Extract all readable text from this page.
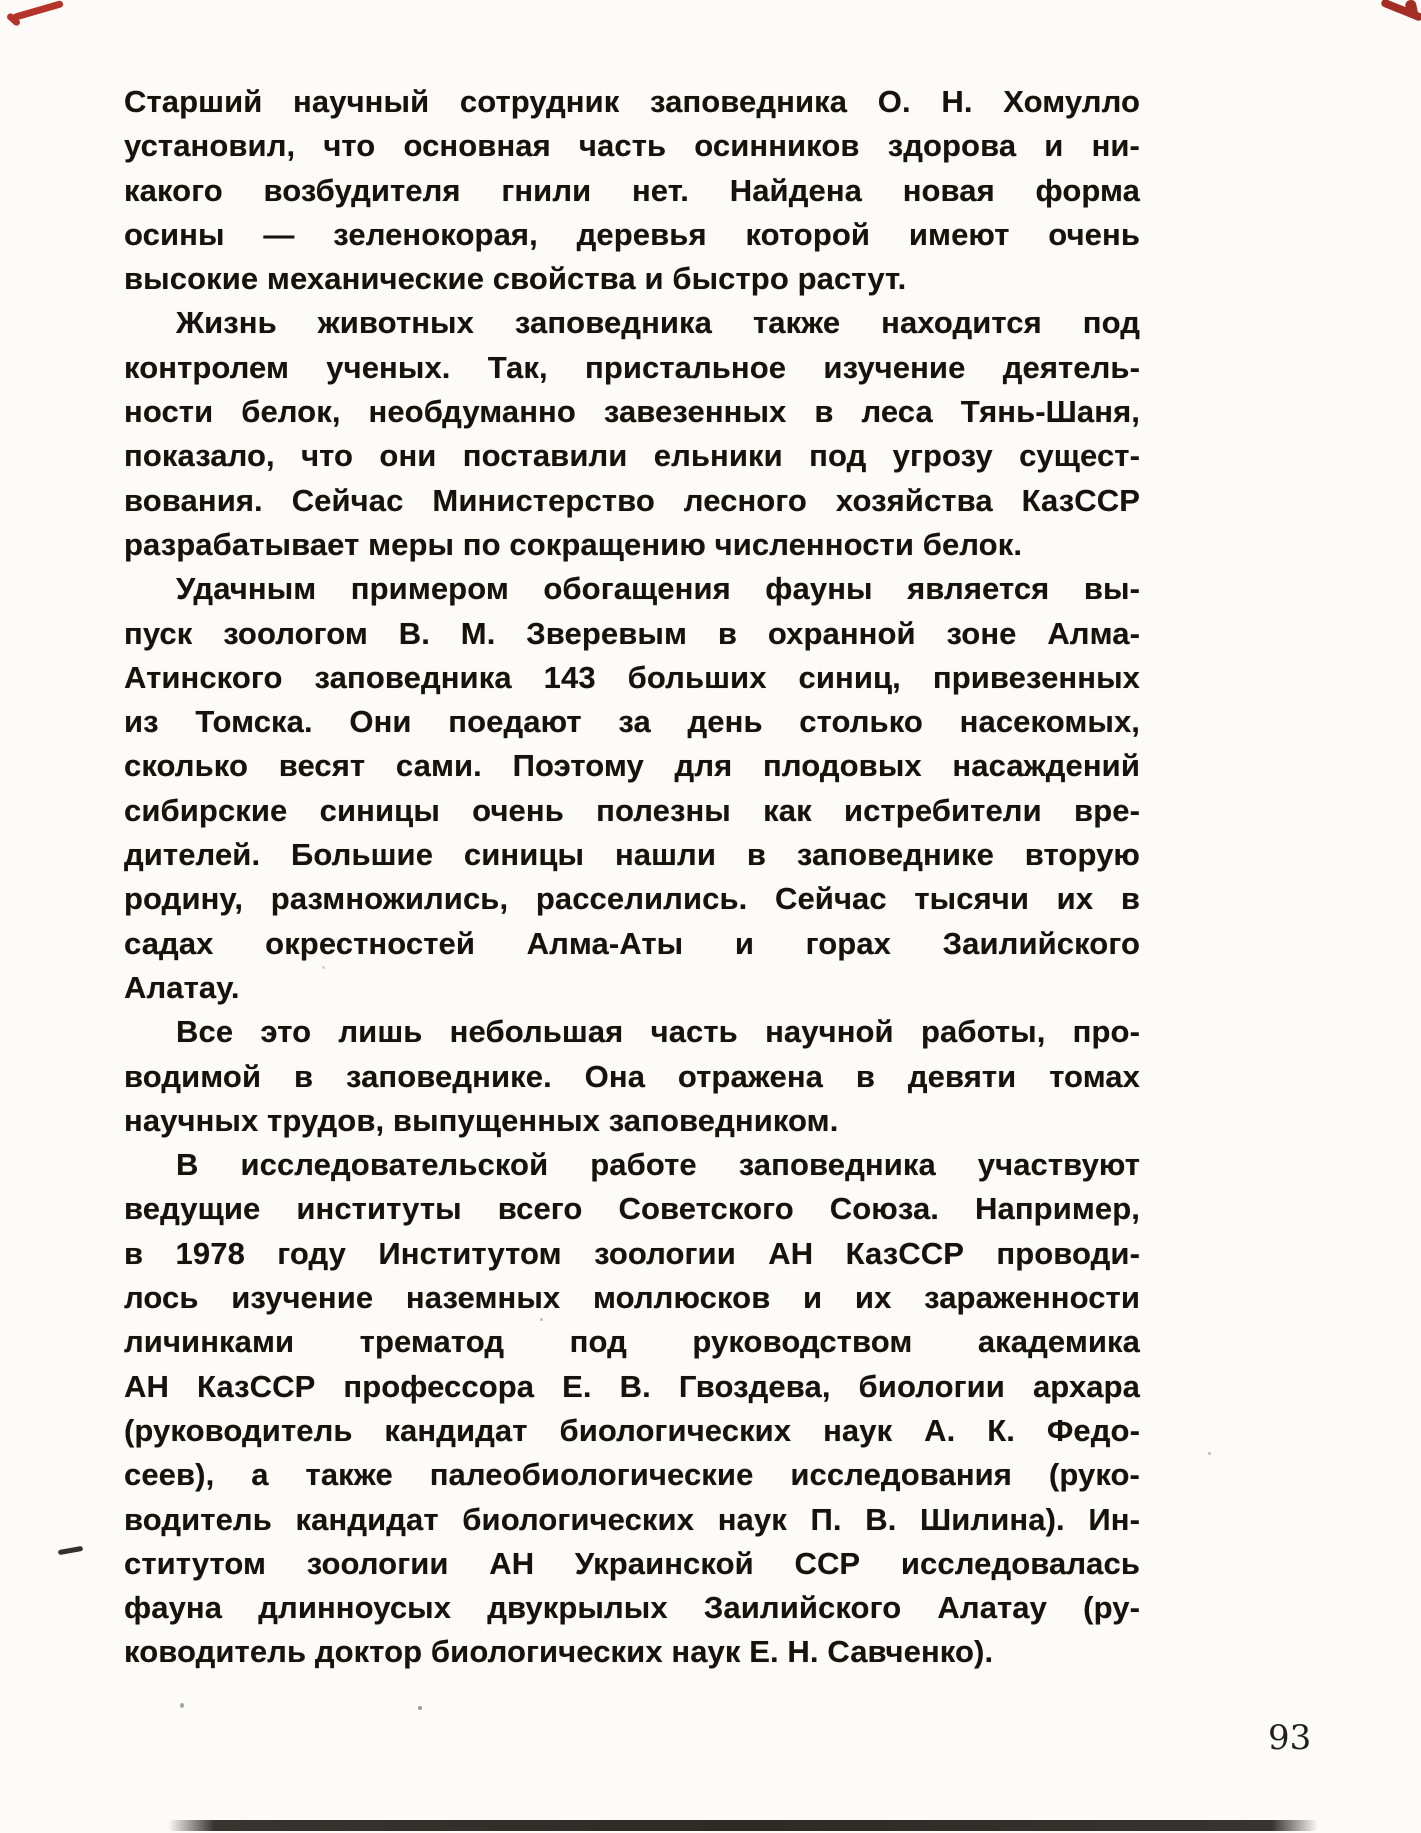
Старший научный сотрудник заповедника О. Н. Хомулло
установил, что основная часть осинников здорова и ни-
какого возбудителя гнили нет. Найдена новая форма
осины — зеленокорая, деревья которой имеют очень
высокие механические свойства и быстро растут.
Жизнь животных заповедника также находится под
контролем ученых. Так, пристальное изучение деятель-
ности белок, необдуманно завезенных в леса Тянь-Шаня,
показало, что они поставили ельники под угрозу сущест-
вования. Сейчас Министерство лесного хозяйства КазССР
разрабатывает меры по сокращению численности белок.
Удачным примером обогащения фауны является вы-
пуск зоологом В. М. Зверевым в охранной зоне Алма-
Атинского заповедника 143 больших синиц, привезенных
из Томска. Они поедают за день столько насекомых,
сколько весят сами. Поэтому для плодовых насаждений
сибирские синицы очень полезны как истребители вре-
дителей. Большие синицы нашли в заповеднике вторую
родину, размножились, расселились. Сейчас тысячи их в
садах окрестностей Алма-Аты и горах Заилийского
Алатау.
Все это лишь небольшая часть научной работы, про-
водимой в заповеднике. Она отражена в девяти томах
научных трудов, выпущенных заповедником.
В исследовательской работе заповедника участвуют
ведущие институты всего Советского Союза. Например,
в 1978 году Институтом зоологии АН КазССР проводи-
лось изучение наземных моллюсков и их зараженности
личинками трематод под руководством академика
АН КазССР профессора Е. В. Гвоздева, биологии архара
(руководитель кандидат биологических наук А. К. Федо-
сеев), а также палеобиологические исследования (руко-
водитель кандидат биологических наук П. В. Шилина). Ин-
ститутом зоологии АН Украинской ССР исследовалась
фауна длинноусых двукрылых Заилийского Алатау (ру-
ководитель доктор биологических наук Е. Н. Савченко).
93
